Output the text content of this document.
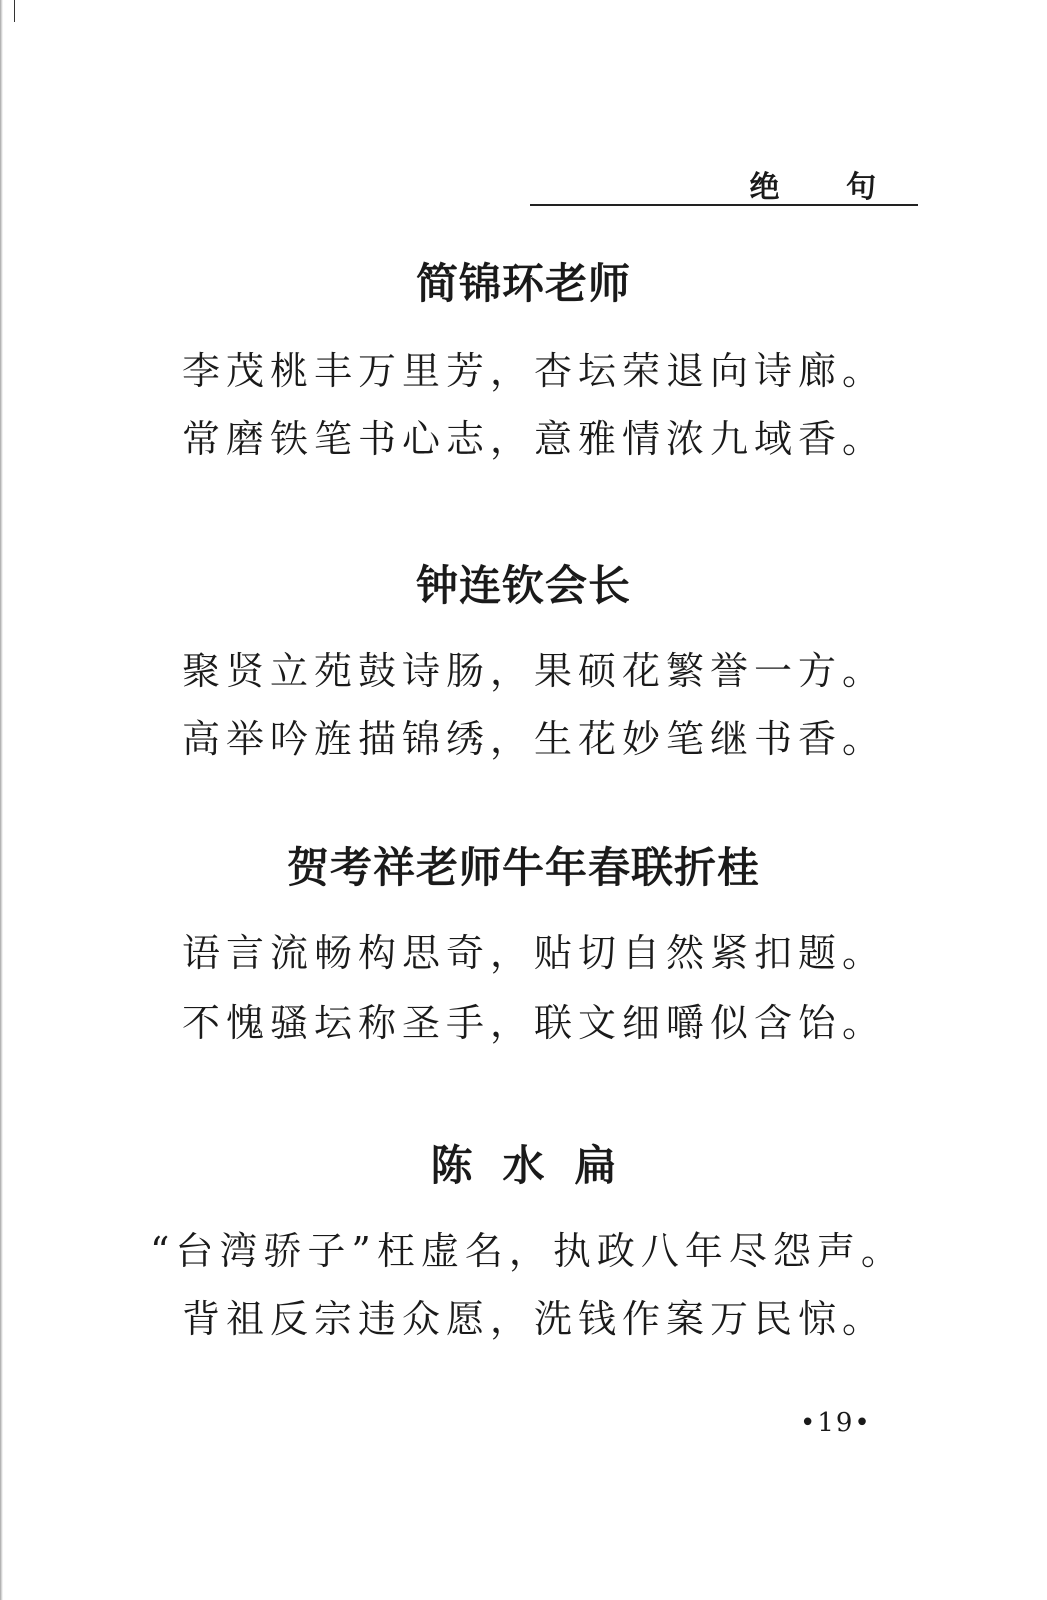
绝 句
简锦环老师
李茂桃丰万里芳，杏坛荣退向诗廊。
常磨铁笔书心志，意雅情浓九域香。
钟连钦会长
聚贤立苑鼓诗肠，果硕花繁誉一方。
高举吟旌描锦绣，生花妙笔继书香。
贺考祥老师牛年春联折桂
语言流畅构思奇，贴切自然紧扣题。
不愧骚坛称圣手，联文细嚼似含饴。
陈水扁
“台湾骄子”枉虚名，执政八年尽怨声。
背祖反宗违众愿，洗钱作案万民惊。
•19•
